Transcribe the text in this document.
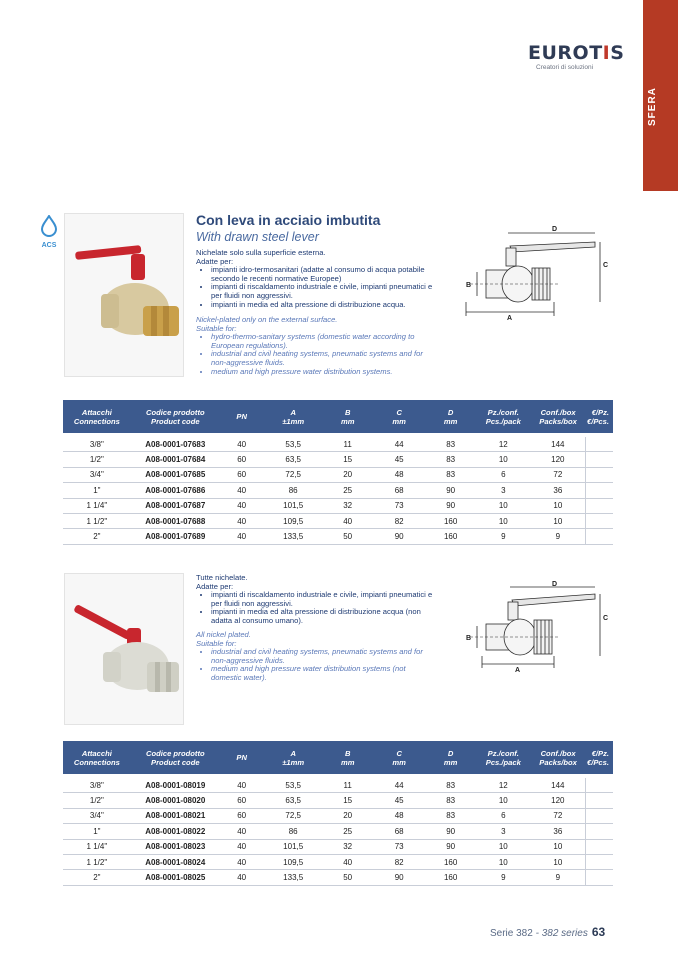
EUROTIS
Creatori di soluzioni
SFERA
ACS
Con leva in acciaio imbutita
With drawn steel lever

Nichelate solo sulla superficie esterna.

Adatte per:

• impianti idro-termosanitari (adatte al consumo di acqua potabile secondo le recenti normative Europee)
• impianti di riscaldamento industriale e civile, impianti pneumatici e per fluidi non aggressivi.
• impianti in media ed alta pressione di distribuzione acqua.

Nickel-plated only on the external surface.

Suitable for:

• hydro-thermo-sanitary systems (domestic water according to European regulations).
• industrial and civil heating systems, pneumatic systems and for non-aggressive fluids.
• medium and high pressure water distribution systems.
D
C
B
A
Attacchi
Connections	Codice prodotto
Product code	PN	A
±1mm	B
mm	C
mm	D
mm	Pz./conf.
Pcs./pack	Conf./box
Packs/box	€/Pz.
€/Pcs.

3/8"	A08-0001-07683	40	53,5	11	44	83	12	144	
1/2"	A08-0001-07684	60	63,5	15	45	83	10	120	
3/4"	A08-0001-07685	60	72,5	20	48	83	6	72	
1"	A08-0001-07686	40	86	25	68	90	3	36	
1 1/4"	A08-0001-07687	40	101,5	32	73	90	10	10	
1 1/2"	A08-0001-07688	40	109,5	40	82	160	10	10	
2"	A08-0001-07689	40	133,5	50	90	160	9	9	

Tutte nichelate.

Adatte per:

• impianti di riscaldamento industriale e civile, impianti pneumatici e per fluidi non aggressivi.
• impianti in media ed alta pressione di distribuzione acqua (non adatta al consumo umano).

All nickel plated.

Suitable for:

• industrial and civil heating systems, pneumatic systems and for non-aggressive fluids.
• medium and high pressure water distribution systems (not domestic water).
D
C
B
A
Attacchi
Connections	Codice prodotto
Product code	PN	A
±1mm	B
mm	C
mm	D
mm	Pz./conf.
Pcs./pack	Conf./box
Packs/box	€/Pz.
€/Pcs.

3/8"	A08-0001-08019	40	53,5	11	44	83	12	144	
1/2"	A08-0001-08020	60	63,5	15	45	83	10	120	
3/4"	A08-0001-08021	60	72,5	20	48	83	6	72	
1"	A08-0001-08022	40	86	25	68	90	3	36	
1 1/4"	A08-0001-08023	40	101,5	32	73	90	10	10	
1 1/2"	A08-0001-08024	40	109,5	40	82	160	10	10	
2"	A08-0001-08025	40	133,5	50	90	160	9	9	
Serie 382 - 382 series 63
